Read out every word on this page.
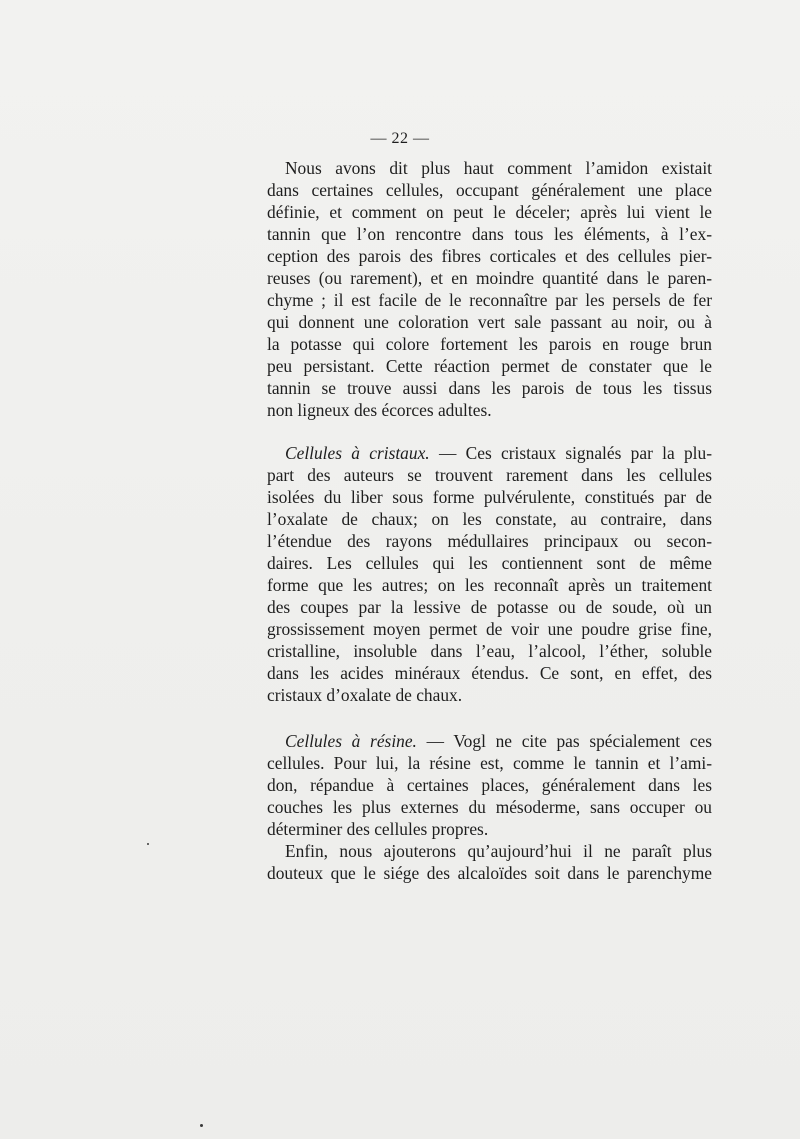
— 22 —
Nous avons dit plus haut comment l’amidon existait
dans certaines cellules, occupant généralement une place
définie, et comment on peut le déceler; après lui vient le
tannin que l’on rencontre dans tous les éléments, à l’ex-
ception des parois des fibres corticales et des cellules pier-
reuses (ou rarement), et en moindre quantité dans le paren-
chyme ; il est facile de le reconnaître par les persels de fer
qui donnent une coloration vert sale passant au noir, ou à
la potasse qui colore fortement les parois en rouge brun
peu persistant. Cette réaction permet de constater que le
tannin se trouve aussi dans les parois de tous les tissus
non ligneux des écorces adultes.
Cellules à cristaux. — Ces cristaux signalés par la plu-
part des auteurs se trouvent rarement dans les cellules
isolées du liber sous forme pulvérulente, constitués par de
l’oxalate de chaux; on les constate, au contraire, dans
l’étendue des rayons médullaires principaux ou secon-
daires. Les cellules qui les contiennent sont de même
forme que les autres; on les reconnaît après un traitement
des coupes par la lessive de potasse ou de soude, où un
grossissement moyen permet de voir une poudre grise fine,
cristalline, insoluble dans l’eau, l’alcool, l’éther, soluble
dans les acides minéraux étendus. Ce sont, en effet, des
cristaux d’oxalate de chaux.
Cellules à résine. — Vogl ne cite pas spécialement ces
cellules. Pour lui, la résine est, comme le tannin et l’ami-
don, répandue à certaines places, généralement dans les
couches les plus externes du mésoderme, sans occuper ou
déterminer des cellules propres.
Enfin, nous ajouterons qu’aujourd’hui il ne paraît plus
douteux que le siége des alcaloïdes soit dans le parenchyme
